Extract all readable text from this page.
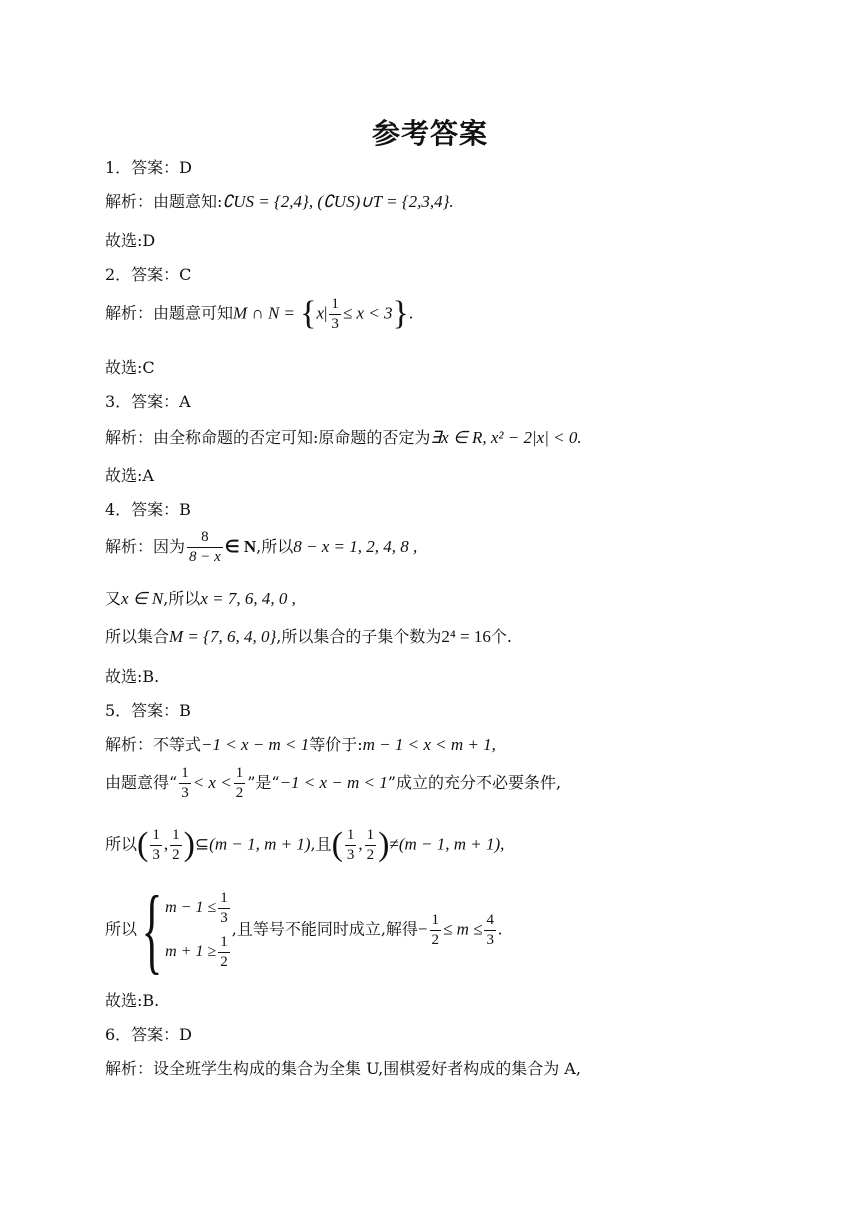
参考答案
1．答案：D
解析：由题意知:∁US = {2,4}, (∁US)∪T = {2,3,4}.
故选:D
2．答案：C
解析：由题意可知M ∩ $N = \{x| \frac{1}{3} \le x < 3\}$.
故选:C
3．答案：A
解析：由全称命题的否定可知:原命题的否定为∃x ∈ R, x² − 2|x| < 0.
故选:A
4．答案：B
解析：因为 $\frac{8}{8 - x}$ ∈ N,所以8 − x = 1, 2, 4, 8 ,
又x ∈ N,所以x = 7, 6, 4, 0 ,
所以集合M = {7, 6, 4, 0},所以集合的子集个数为2⁴ = 16个.
故选:B.
5．答案：B
解析：不等式−1 < x − m < 1等价于:m − 1 < x < m + 1,
由题意得“ $\frac{1}{3} < x < \frac{1}{2}$ ”是“−1 < x − m < 1”成立的充分不必要条件,
所以( $\frac{1}{3}$ , $\frac{1}{2}$ )⊆(m − 1, m + 1),且( $\frac{1}{3}$ , $\frac{1}{2} )\ne(m - 1$, m + 1),
所以{ $m - 1 \le \frac{1}{3}$
$m + 1 \ge \frac{1}{2}$
,且等号不能同时成立,解得− $\frac{1}{2} \le m \le \frac{4}{3}$ .
故选:B.
6．答案：D
解析：设全班学生构成的集合为全集 U,围棋爱好者构成的集合为 A,
